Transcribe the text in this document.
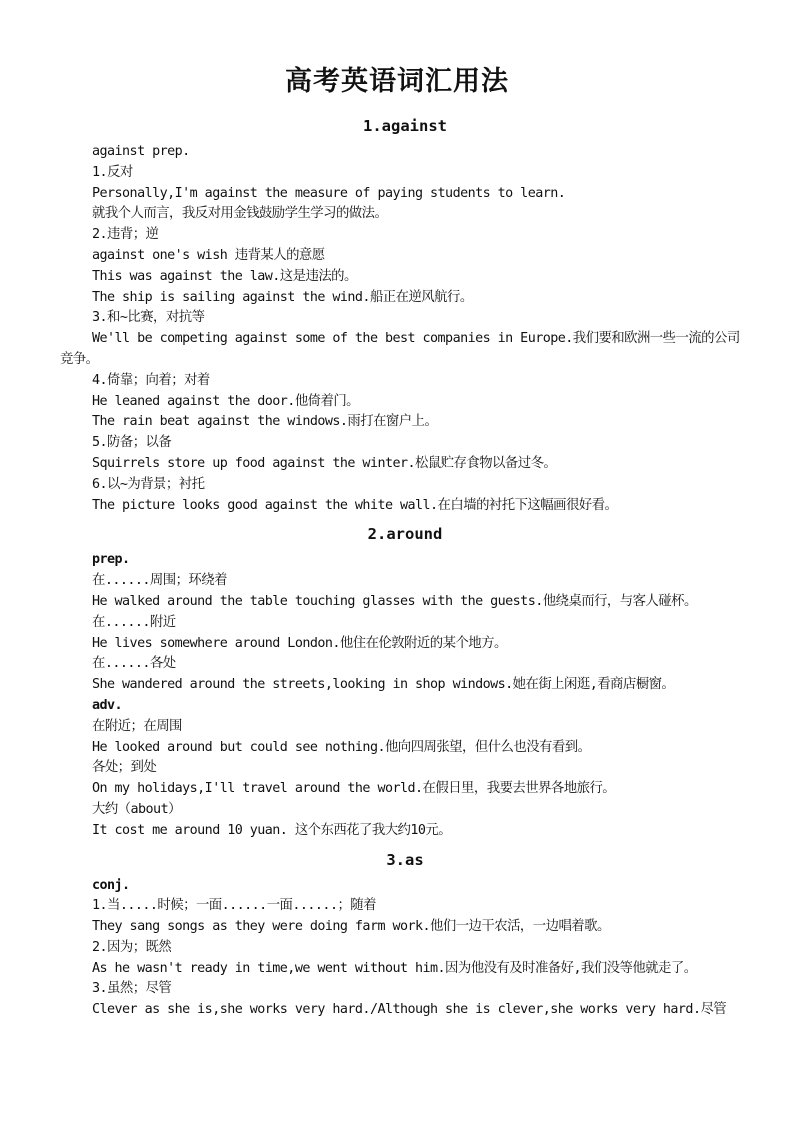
高考英语词汇用法
1.against
against prep.
1.反对
Personally,I'm against the measure of paying students to learn.
就我个人而言，我反对用金钱鼓励学生学习的做法。
2.违背；逆
against one's wish 违背某人的意愿
This was against the law.这是违法的。
The ship is sailing against the wind.船正在逆风航行。
3.和~比赛，对抗等
We'll be competing against some of the best companies in Europe.我们要和欧洲一些一流的公司竞争。
4.倚靠；向着；对着
He leaned against the door.他倚着门。
The rain beat against the windows.雨打在窗户上。
5.防备；以备
Squirrels store up food against the winter.松鼠贮存食物以备过冬。
6.以~为背景；衬托
The picture looks good against the white wall.在白墙的衬托下这幅画很好看。
2.around
prep.
在......周围；环绕着
He walked around the table touching glasses with the guests.他绕桌而行，与客人碰杯。
在......附近
He lives somewhere around London.他住在伦敦附近的某个地方。
在......各处
She wandered around the streets,looking in shop windows.她在街上闲逛,看商店橱窗。
adv.
在附近；在周围
He looked around but could see nothing.他向四周张望，但什么也没有看到。
各处；到处
On my holidays,I'll travel around the world.在假日里，我要去世界各地旅行。
大约（about）
It cost me around 10 yuan. 这个东西花了我大约10元。
3.as
conj.
1.当.....时候；一面......一面......；随着
They sang songs as they were doing farm work.他们一边干农活，一边唱着歌。
2.因为；既然
As he wasn't ready in time,we went without him.因为他没有及时准备好,我们没等他就走了。
3.虽然；尽管
Clever as she is,she works very hard./Although she is clever,she works very hard.尽管
